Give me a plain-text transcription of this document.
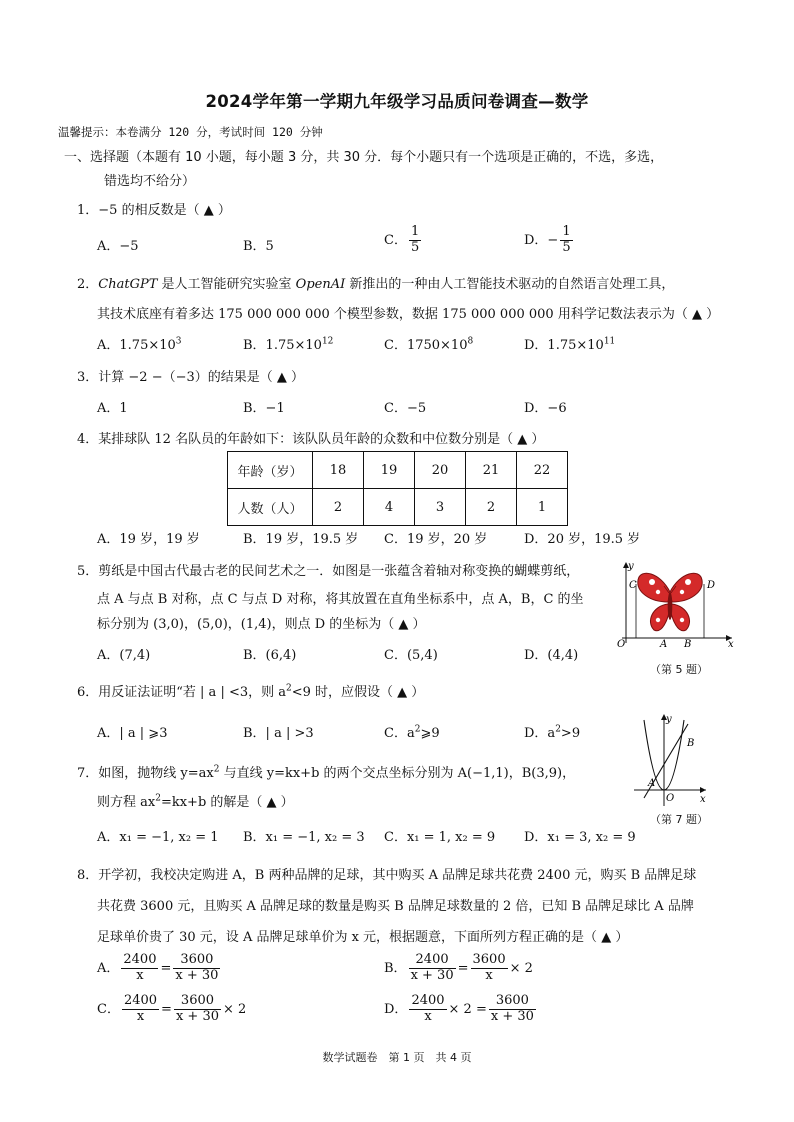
2024学年第一学期九年级学习品质问卷调查—数学
温馨提示：本卷满分 120 分，考试时间 120 分钟
一、选择题（本题有 10 小题，每小题 3 分，共 30 分．每个小题只有一个选项是正确的，不选，多选，
错选均不给分）
1．−5 的相反数是（ ▲ ）
A．−5	B．5	C． $\frac{1}{5}$	D．− $\frac{1}{5}$
2．ChatGPT 是人工智能研究实验室 OpenAI 新推出的一种由人工智能技术驱动的自然语言处理工具，
其技术底座有着多达 175 000 000 000 个模型参数，数据 175 000 000 000 用科学记数法表示为（ ▲ ）
A．$1.75\times 10^3$	B．$1.75\times 10^{12}$	C．$1750\times 10^8$	D．$1.75\times 10^{11}$
3．计算 −2 −（−3）的结果是（ ▲ ）
A．1	B．−1	C．−5	D．−6
4．某排球队 12 名队员的年龄如下：该队队员年龄的众数和中位数分别是（ ▲ ）
年龄（岁）	18	19	20	21	22
人数（人）	2	4	3	2	1
A．19 岁，19 岁	B．19 岁，19.5 岁 C．19 岁，20 岁	D．20 岁，19.5 岁
5．剪纸是中国古代最古老的民间艺术之一．如图是一张蕴含着轴对称变换的蝴蝶剪纸，
点 A 与点 B 对称，点 C 与点 D 对称，将其放置在直角坐标系中，点 A，B，C 的坐
标分别为 (3,0)，(5,0)，(1,4)，则点 D 的坐标为（ ▲ ）
A．(7,4)	B．(6,4)	C．(5,4)	D．(4,4)
y
x
O
C	D
A B
（第 5 题）
6．用反证法证明“若 | a | <3，则 $a^2<9$ 时，应假设（ ▲ ）
A．| a | ⩾3	B．| a | >3	C．$a^2⩾9$	D．$a^2>9$
7．如图，抛物线 $y=ax^2$ 与直线 y=kx+b 的两个交点坐标分别为 A(−1,1)，B(3,9)，
则方程 $ax^2=kx+b$ 的解是（ ▲ ）
A．x₁ = −1, x₂ = 1 B．x₁ = −1, x₂ = 3 C．x₁ = 1, x₂ = 9 D．x₁ = 3, x₂ = 9
y
x
O
A
B
（第 7 题）
8．开学初，我校决定购进 A，B 两种品牌的足球，其中购买 A 品牌足球共花费 2400 元，购买 B 品牌足球
共花费 3600 元，且购买 A 品牌足球的数量是购买 B 品牌足球数量的 2 倍，已知 B 品牌足球比 A 品牌
足球单价贵了 30 元，设 A 品牌足球单价为 x 元，根据题意，下面所列方程正确的是（ ▲ ）
A． $\frac{2400}{x} = \frac{3600}{x + 30}$	B． $\frac{2400}{x + 30} = \frac{3600}{x} \times 2$
C． $\frac{2400}{x} = \frac{3600}{x + 30} \times 2$	D． $\frac{2400}{x} \times 2 = \frac{3600}{x + 30}$
数学试题卷　第 1 页　共 4 页
